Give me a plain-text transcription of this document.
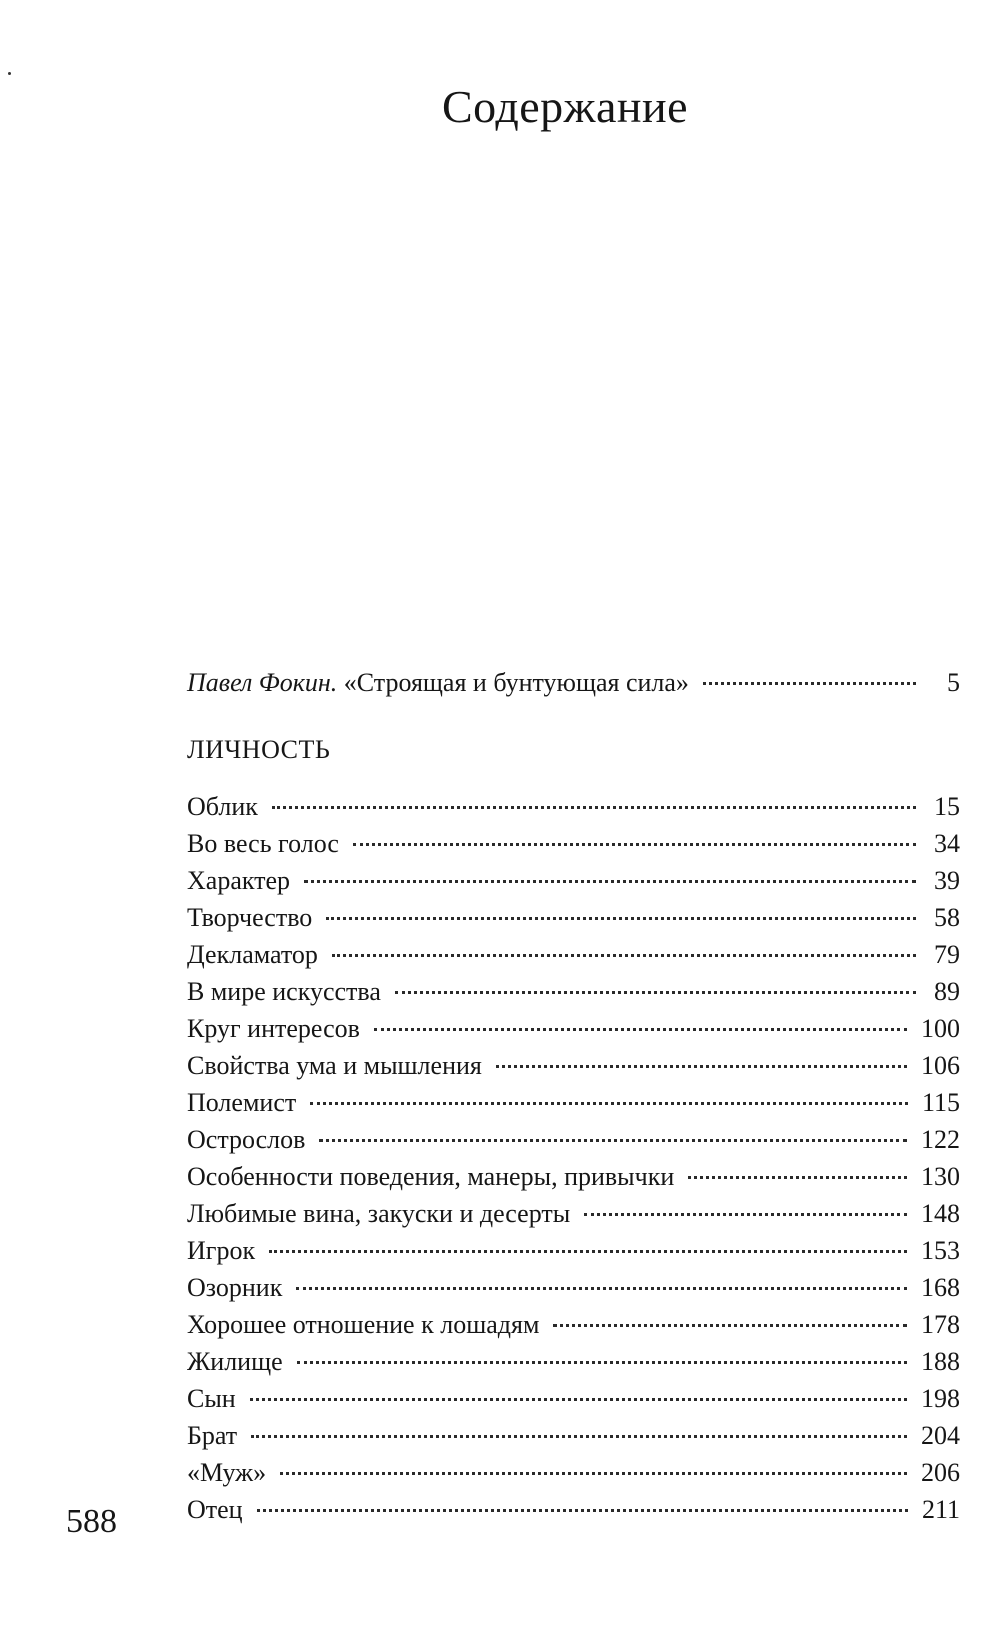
Содержание
Павел Фокин. «Строящая и бунтующая сила»	5
ЛИЧНОСТЬ
Облик	15
Во весь голос	34
Характер	39
Творчество	58
Декламатор	79
В мире искусства	89
Круг интересов	100
Свойства ума и мышления	106
Полемист	115
Острослов	122
Особенности поведения, манеры, привычки	130
Любимые вина, закуски и десерты	148
Игрок	153
Озорник	168
Хорошее отношение к лошадям	178
Жилище	188
Сын	198
Брат	204
«Муж»	206
Отец	211
588
